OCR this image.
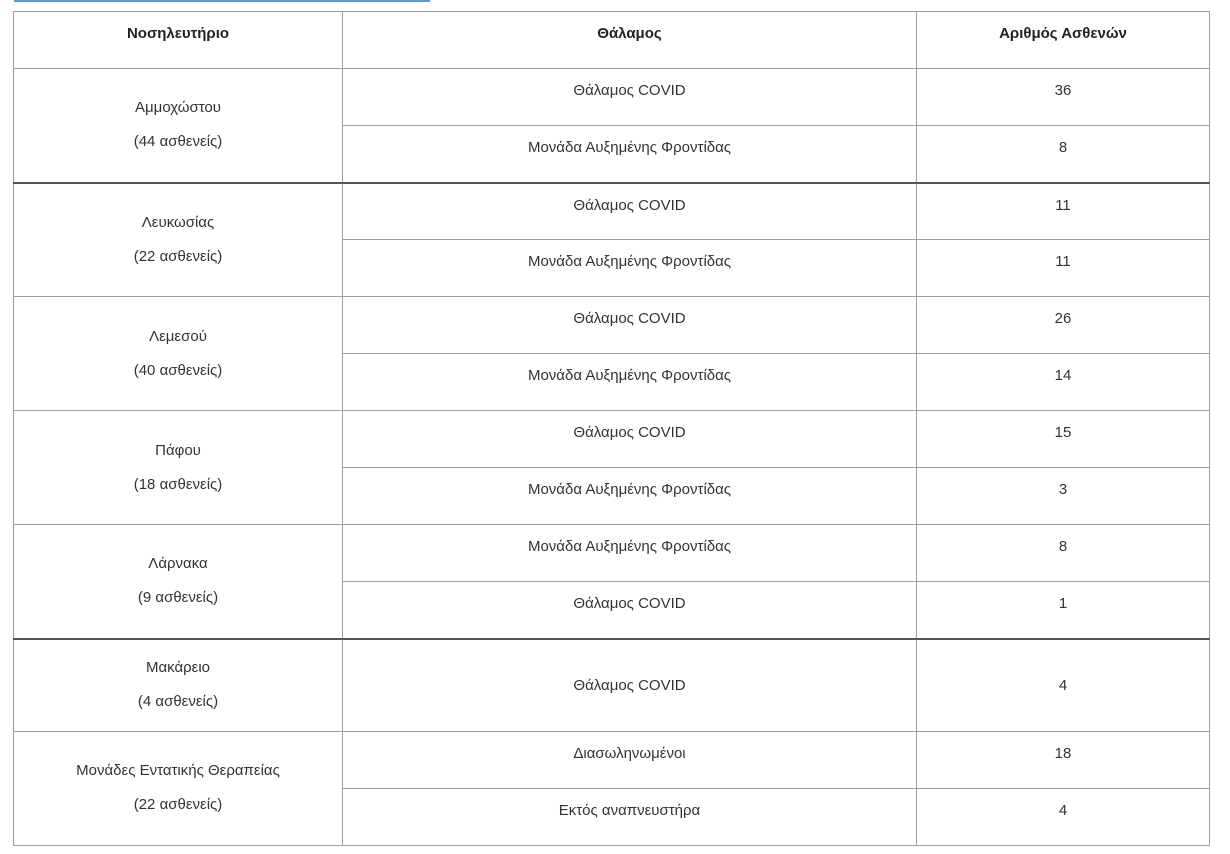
Νοσηλευτήριο	Θάλαμος	Αριθμός Ασθενών

Αμμοχώστου
(44 ασθενείς)	Θάλαμος COVID	36
	Μονάδα Αυξημένης Φροντίδας	8

Λευκωσίας
(22 ασθενείς)	Θάλαμος COVID	11
	Μονάδα Αυξημένης Φροντίδας	11

Λεμεσού
(40 ασθενείς)	Θάλαμος COVID	26
	Μονάδα Αυξημένης Φροντίδας	14

Πάφου
(18 ασθενείς)	Θάλαμος COVID	15
	Μονάδα Αυξημένης Φροντίδας	3

Λάρνακα
(9 ασθενείς)	Μονάδα Αυξημένης Φροντίδας	8
	Θάλαμος COVID	1

Μακάρειο
(4 ασθενείς)	Θάλαμος COVID	4

Μονάδες Εντατικής Θεραπείας
(22 ασθενείς)	Διασωληνωμένοι	18
	Εκτός αναπνευστήρα	4
